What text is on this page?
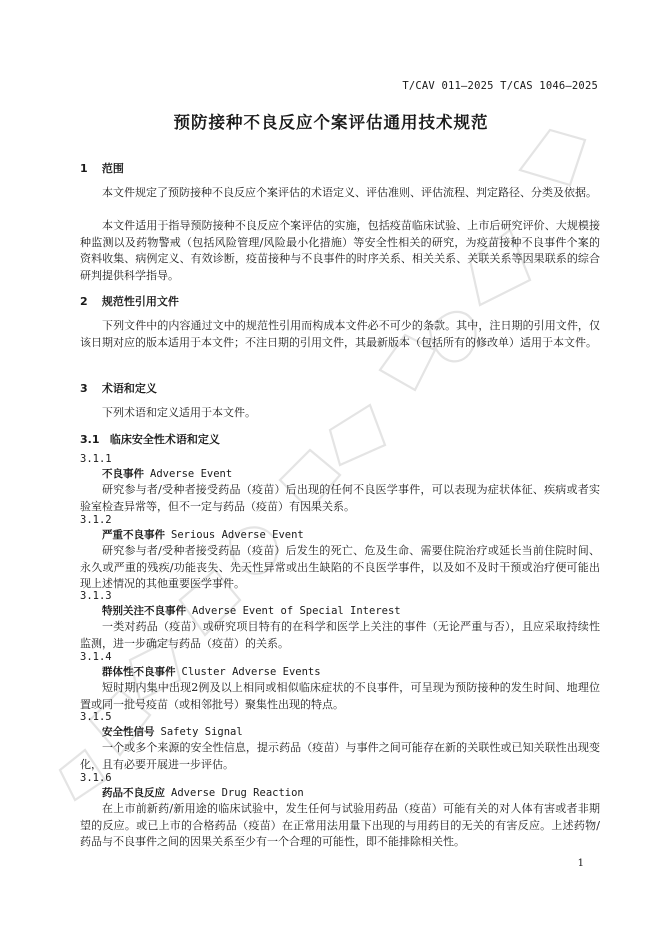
T/CAV 011—2025 T/CAS 1046—2025
预防接种不良反应个案评估通用技术规范
1 范围

本文件规定了预防接种不良反应个案评估的术语定义、评估准则、评估流程、判定路径、分类及依据。

本文件适用于指导预防接种不良反应个案评估的实施，包括疫苗临床试验、上市后研究评价、大规模接种监测以及药物警戒（包括风险管理/风险最小化措施）等安全性相关的研究，为疫苗接种不良事件个案的资料收集、病例定义、有效诊断，疫苗接种与不良事件的时序关系、相关关系、关联关系等因果联系的综合研判提供科学指导。

2 规范性引用文件

下列文件中的内容通过文中的规范性引用而构成本文件必不可少的条款。其中，注日期的引用文件，仅该日期对应的版本适用于本文件；不注日期的引用文件，其最新版本（包括所有的修改单）适用于本文件。

3 术语和定义

下列术语和定义适用于本文件。

3.1 临床安全性术语和定义
3.1.1
不良事件 Adverse Event

研究参与者/受种者接受药品（疫苗）后出现的任何不良医学事件，可以表现为症状体征、疾病或者实验室检查异常等，但不一定与药品（疫苗）有因果关系。

3.1.2
严重不良事件 Serious Adverse Event

研究参与者/受种者接受药品（疫苗）后发生的死亡、危及生命、需要住院治疗或延长当前住院时间、永久或严重的残疾/功能丧失、先天性异常或出生缺陷的不良医学事件，以及如不及时干预或治疗便可能出现上述情况的其他重要医学事件。

3.1.3
特别关注不良事件 Adverse Event of Special Interest

一类对药品（疫苗）或研究项目特有的在科学和医学上关注的事件（无论严重与否），且应采取持续性监测，进一步确定与药品（疫苗）的关系。

3.1.4
群体性不良事件 Cluster Adverse Events

短时期内集中出现2例及以上相同或相似临床症状的不良事件，可呈现为预防接种的发生时间、地理位置或同一批号疫苗（或相邻批号）聚集性出现的特点。

3.1.5
安全性信号 Safety Signal

一个或多个来源的安全性信息，提示药品（疫苗）与事件之间可能存在新的关联性或已知关联性出现变化，且有必要开展进一步评估。

3.1.6
药品不良反应 Adverse Drug Reaction

在上市前新药/新用途的临床试验中，发生任何与试验用药品（疫苗）可能有关的对人体有害或者非期望的反应。或已上市的合格药品（疫苗）在正常用法用量下出现的与用药目的无关的有害反应。上述药物/药品与不良事件之间的因果关系至少有一个合理的可能性，即不能排除相关性。

1
